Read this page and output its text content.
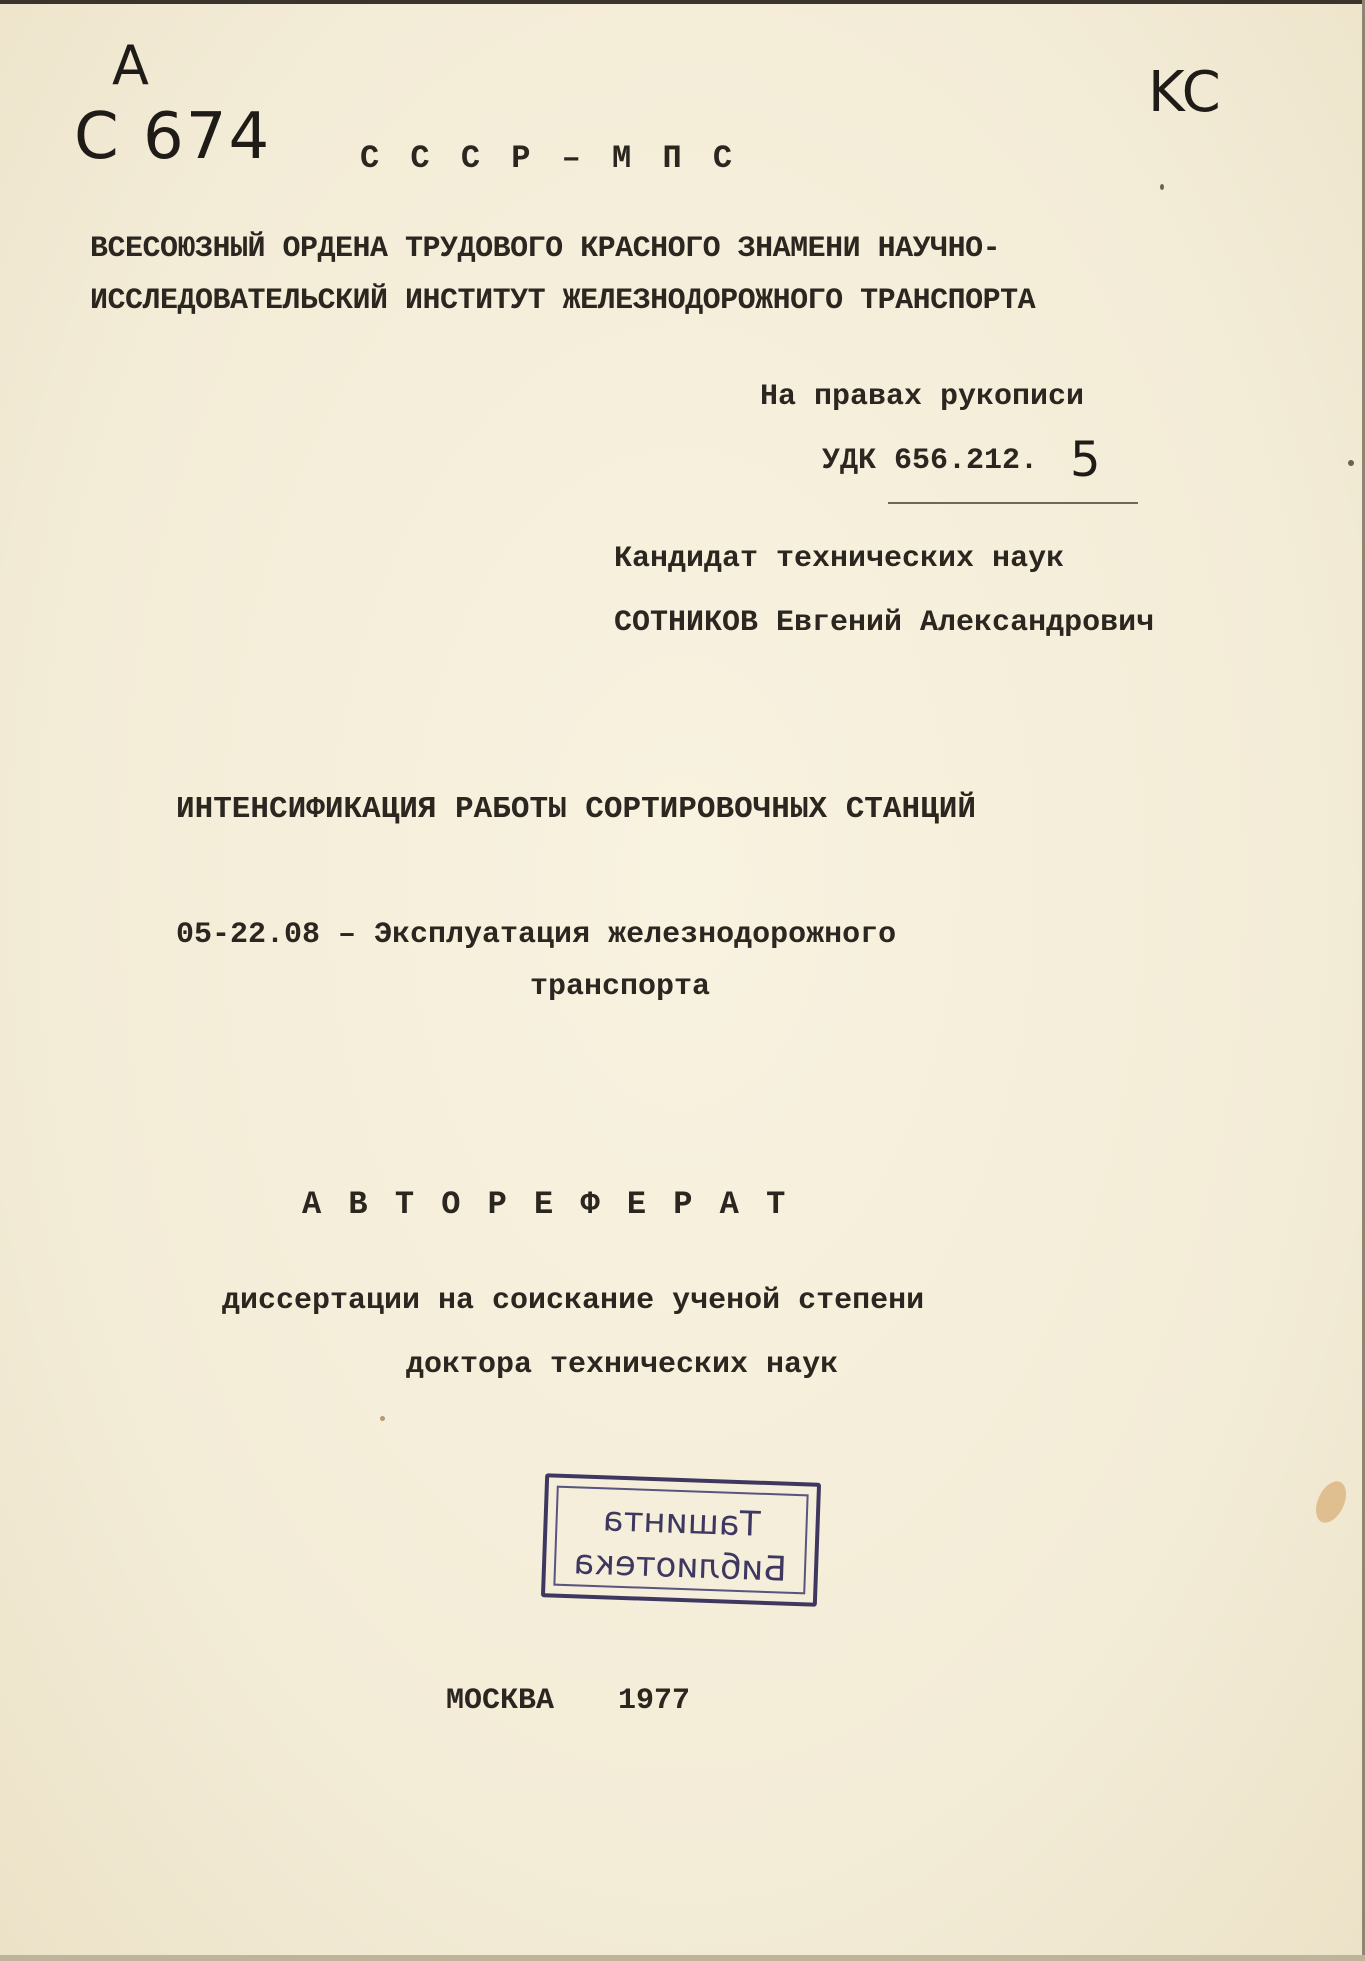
A
C 674
KC
С С С Р – М П С
ВСЕСОЮЗНЫЙ ОРДЕНА ТРУДОВОГО КРАСНОГО ЗНАМЕНИ НАУЧНО-
ИССЛЕДОВАТЕЛЬСКИЙ ИНСТИТУТ ЖЕЛЕЗНОДОРОЖНОГО ТРАНСПОРТА
На правах рукописи
УДК 656.212. 5
Кандидат технических наук
СОТНИКОВ Евгений Александрович
ИНТЕНСИФИКАЦИЯ РАБОТЫ СОРТИРОВОЧНЫХ СТАНЦИЙ
05-22.08 – Эксплуатация железнодорожного
транспорта
А В Т О Р Е Ф Е Р А Т
диссертации на соискание ученой степени
доктора технических наук
Ташинта
Библиотека
МОСКВА 1977
